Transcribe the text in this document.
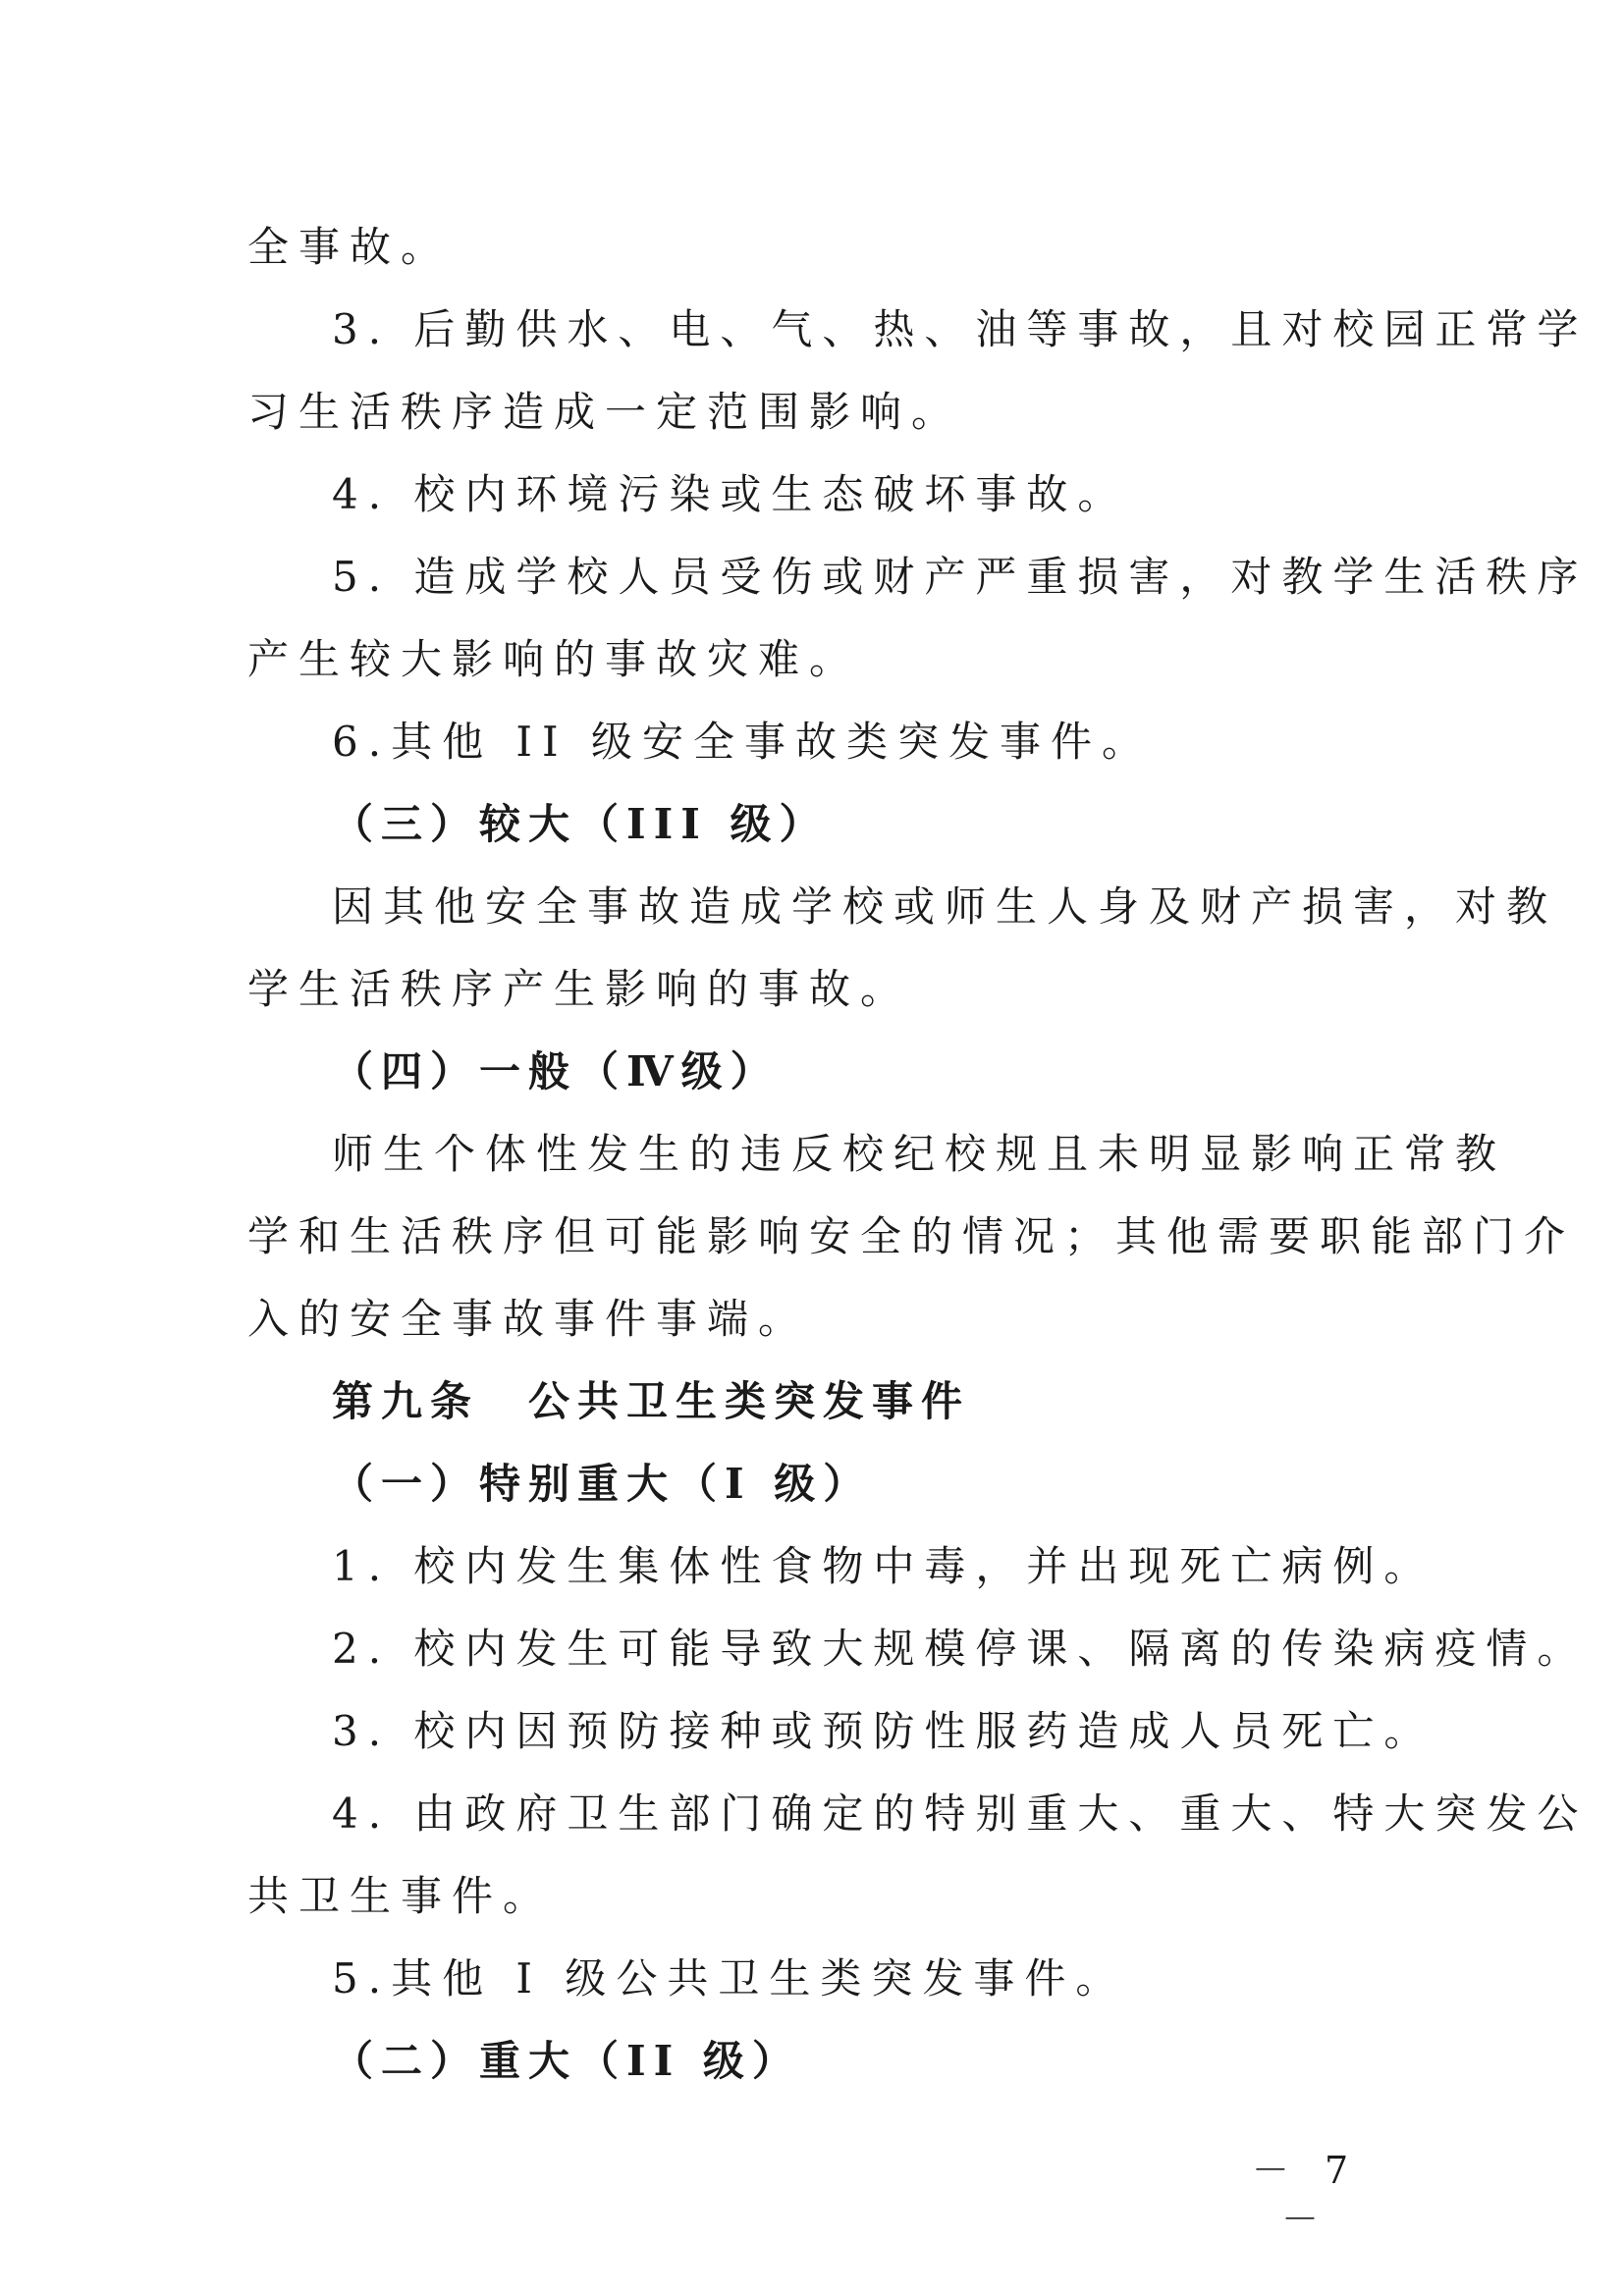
全事故。

3. 后勤供水、电、气、热、油等事故，且对校园正常学

习生活秩序造成一定范围影响。

4. 校内环境污染或生态破坏事故。

5. 造成学校人员受伤或财产严重损害，对教学生活秩序

产生较大影响的事故灾难。

6.其他 II 级安全事故类突发事件。

（三）较大（III 级）

因其他安全事故造成学校或师生人身及财产损害，对教

学生活秩序产生影响的事故。

（四）一般（Ⅳ级）

师生个体性发生的违反校纪校规且未明显影响正常教

学和生活秩序但可能影响安全的情况；其他需要职能部门介

入的安全事故事件事端。

第九条　公共卫生类突发事件

（一）特别重大（I 级）

1. 校内发生集体性食物中毒，并出现死亡病例。

2. 校内发生可能导致大规模停课、隔离的传染病疫情。

3. 校内因预防接种或预防性服药造成人员死亡。

4. 由政府卫生部门确定的特别重大、重大、特大突发公

共卫生事件。

5.其他 I 级公共卫生类突发事件。

（二）重大（II 级）

－ 7 －
